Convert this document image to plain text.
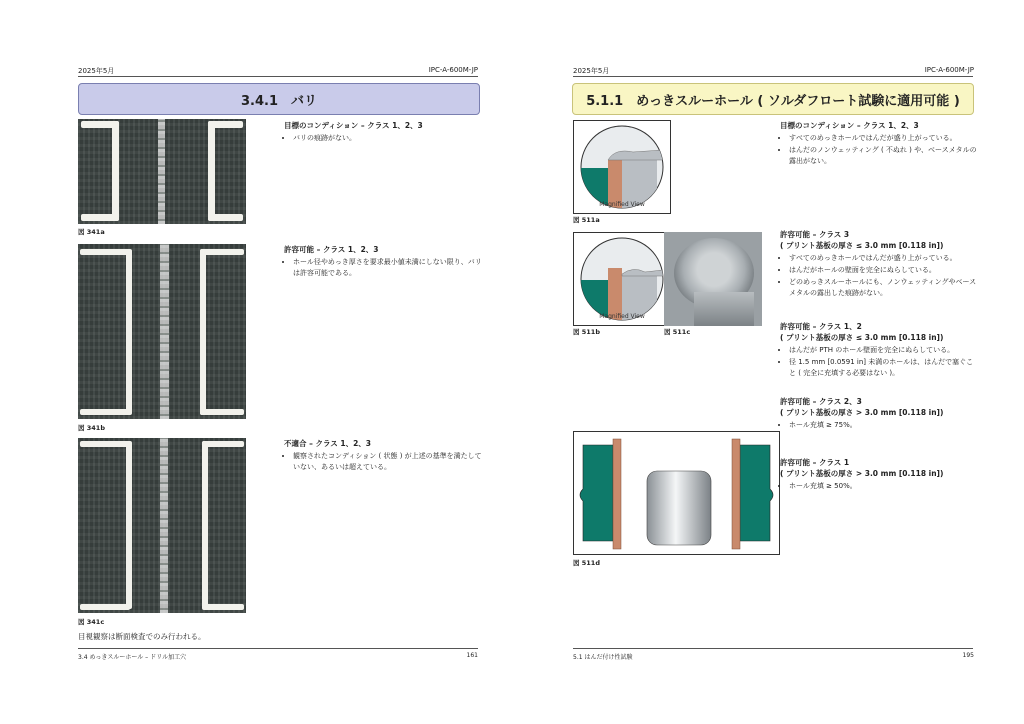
2025年5月	IPC-A-600M-JP
3.4.1　バリ
図 341a
図 341b
図 341c
目標のコンディション – クラス 1、2、3
• バリの痕跡がない。
許容可能 – クラス 1、2、3
• ホール径やめっき厚さを要求最小値未満にしない限り、バリは許容可能である。
不適合 – クラス 1、2、3
• 観察されたコンディション ( 状態 ) が上述の基準を満たしていない、あるいは超えている。
目視観察は断面検査でのみ行われる。
3.4 めっきスルーホール – ドリル加工穴	161
2025年5月	IPC-A-600M-JP
5.1.1　めっきスルーホール ( ソルダフロート試験に適用可能 )
Magnified View
図 511a
Magnified View
図 511b	図 511c
図 511d
目標のコンディション – クラス 1、2、3
• すべてのめっきホールではんだが盛り上がっている。
• はんだのノンウェッティング ( 不ぬれ ) や、ベースメタルの露出がない。
許容可能 – クラス 3
( プリント基板の厚さ ≤ 3.0 mm [0.118 in])
• すべてのめっきホールではんだが盛り上がっている。
• はんだがホールの壁面を完全にぬらしている。
• どのめっきスルーホールにも、ノンウェッティングやベースメタルの露出した痕跡がない。
許容可能 – クラス 1、2
( プリント基板の厚さ ≤ 3.0 mm [0.118 in])
• はんだが PTH のホール壁面を完全にぬらしている。
• 径 1.5 mm [0.0591 in] 未満のホールは、はんだで塞ぐこと ( 完全に充填する必要はない )。
許容可能 – クラス 2、3
( プリント基板の厚さ > 3.0 mm [0.118 in])
• ホール充填 ≥ 75%。
許容可能 – クラス 1
( プリント基板の厚さ > 3.0 mm [0.118 in])
• ホール充填 ≥ 50%。
5.1 はんだ付け性試験	195
